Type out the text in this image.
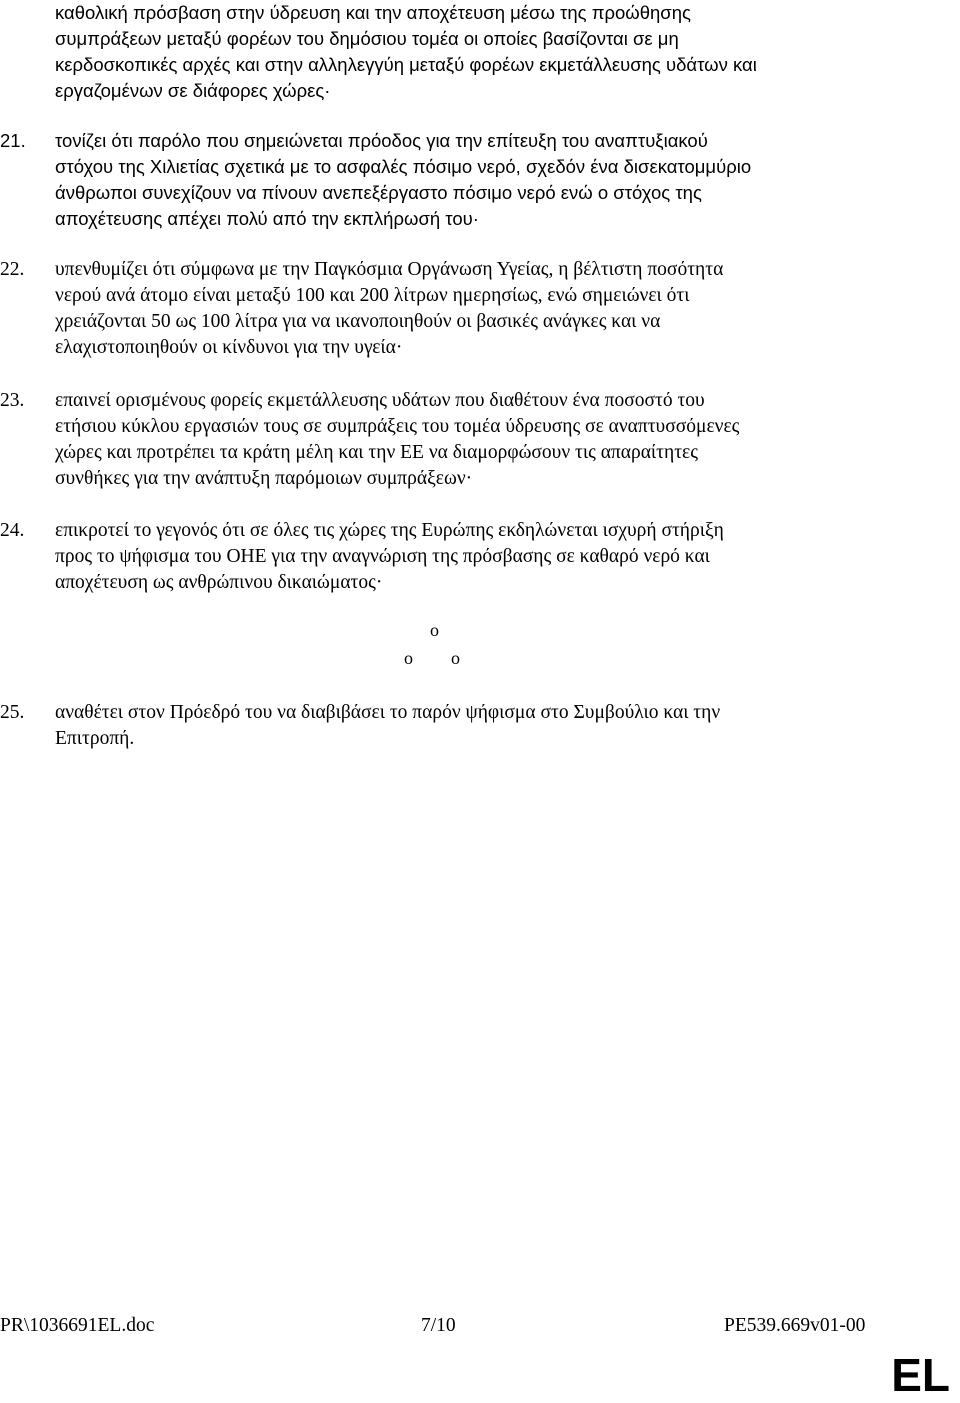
καθολική πρόσβαση στην ύδρευση και την αποχέτευση μέσω της προώθησης
συμπράξεων μεταξύ φορέων του δημόσιου τομέα οι οποίες βασίζονται σε μη
κερδοσκοπικές αρχές και στην αλληλεγγύη μεταξύ φορέων εκμετάλλευσης υδάτων και
εργαζομένων σε διάφορες χώρες·
21. τονίζει ότι παρόλο που σημειώνεται πρόοδος για την επίτευξη του αναπτυξιακού
στόχου της Χιλιετίας σχετικά με το ασφαλές πόσιμο νερό, σχεδόν ένα δισεκατομμύριο
άνθρωποι συνεχίζουν να πίνουν ανεπεξέργαστο πόσιμο νερό ενώ ο στόχος της
αποχέτευσης απέχει πολύ από την εκπλήρωσή του·
22. υπενθυμίζει ότι σύμφωνα με την Παγκόσμια Οργάνωση Υγείας, η βέλτιστη ποσότητα
νερού ανά άτομο είναι μεταξύ 100 και 200 λίτρων ημερησίως, ενώ σημειώνει ότι
χρειάζονται 50 ως 100 λίτρα για να ικανοποιηθούν οι βασικές ανάγκες και να
ελαχιστοποιηθούν οι κίνδυνοι για την υγεία·
23. επαινεί ορισμένους φορείς εκμετάλλευσης υδάτων που διαθέτουν ένα ποσοστό του
ετήσιου κύκλου εργασιών τους σε συμπράξεις του τομέα ύδρευσης σε αναπτυσσόμενες
χώρες και προτρέπει τα κράτη μέλη και την ΕΕ να διαμορφώσουν τις απαραίτητες
συνθήκες για την ανάπτυξη παρόμοιων συμπράξεων·
24. επικροτεί το γεγονός ότι σε όλες τις χώρες της Ευρώπης εκδηλώνεται ισχυρή στήριξη
προς το ψήφισμα του ΟΗΕ για την αναγνώριση της πρόσβασης σε καθαρό νερό και
αποχέτευση ως ανθρώπινου δικαιώματος·
o
o o
25. αναθέτει στον Πρόεδρό του να διαβιβάσει το παρόν ψήφισμα στο Συμβούλιο και την
Επιτροπή.
PR\1036691EL.doc	7/10	PE539.669v01-00
EL
